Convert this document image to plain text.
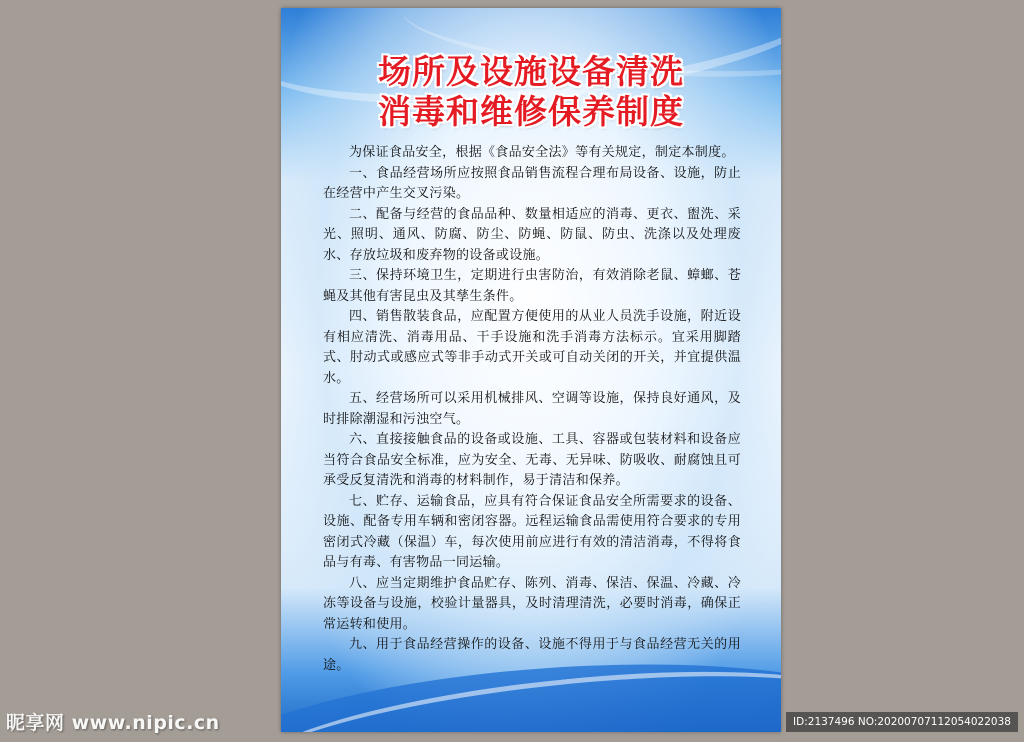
场所及设施设备清洗
消毒和维修保养制度

为保证食品安全，根据《食品安全法》等有关规定，制定本制度。

一、食品经营场所应按照食品销售流程合理布局设备、设施，防止在经营中产生交叉污染。

二、配备与经营的食品品种、数量相适应的消毒、更衣、盥洗、采光、照明、通风、防腐、防尘、防蝇、防鼠、防虫、洗涤以及处理废水、存放垃圾和废弃物的设备或设施。

三、保持环境卫生，定期进行虫害防治，有效消除老鼠、蟑螂、苍蝇及其他有害昆虫及其孳生条件。

四、销售散装食品，应配置方便使用的从业人员洗手设施，附近设有相应清洗、消毒用品、干手设施和洗手消毒方法标示。宜采用脚踏式、肘动式或感应式等非手动式开关或可自动关闭的开关，并宜提供温水。

五、经营场所可以采用机械排风、空调等设施，保持良好通风，及时排除潮湿和污浊空气。

六、直接接触食品的设备或设施、工具、容器或包装材料和设备应当符合食品安全标准，应为安全、无毒、无异味、防吸收、耐腐蚀且可承受反复清洗和消毒的材料制作，易于清洁和保养。

七、贮存、运输食品，应具有符合保证食品安全所需要求的设备、设施、配备专用车辆和密闭容器。远程运输食品需使用符合要求的专用密闭式冷藏（保温）车，每次使用前应进行有效的清洁消毒，不得将食品与有毒、有害物品一同运输。

八、应当定期维护食品贮存、陈列、消毒、保洁、保温、冷藏、冷冻等设备与设施，校验计量器具，及时清理清洗，必要时消毒，确保正常运转和使用。

九、用于食品经营操作的设备、设施不得用于与食品经营无关的用途。

昵享网 www.nipic.cn	ID:2137496 NO:20200707112054022038
